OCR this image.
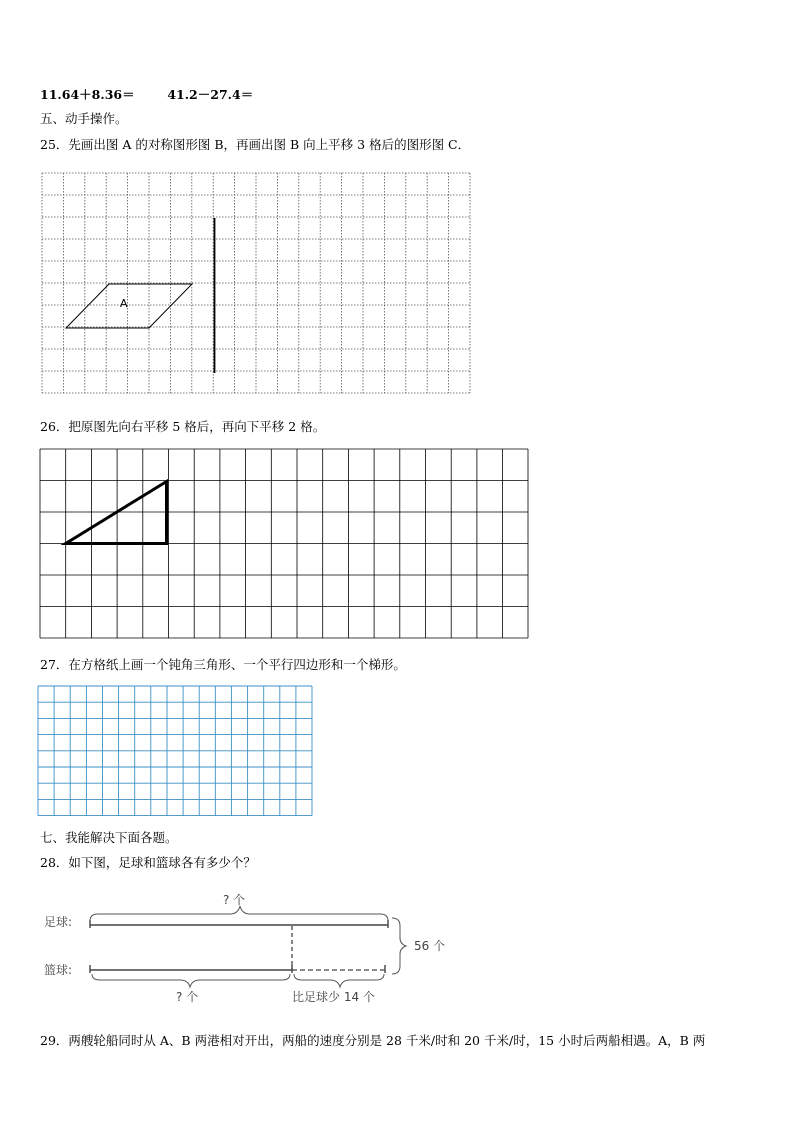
11.64＋8.36＝	41.2－27.4＝
五、动手操作。
25．先画出图 A 的对称图形图 B，再画出图 B 向上平移 3 格后的图形图 C．
A
26．把原图先向右平移 5 格后，再向下平移 2 格。
27．在方格纸上画一个钝角三角形、一个平行四边形和一个梯形。
七、我能解决下面各题。
28．如下图，足球和篮球各有多少个？
足球:
篮球:
? 个
? 个	比足球少 14 个
56 个
29．两艘轮船同时从 A、B 两港相对开出，两船的速度分别是 28 千米/时和 20 千米/时，15 小时后两船相遇。A，B 两
